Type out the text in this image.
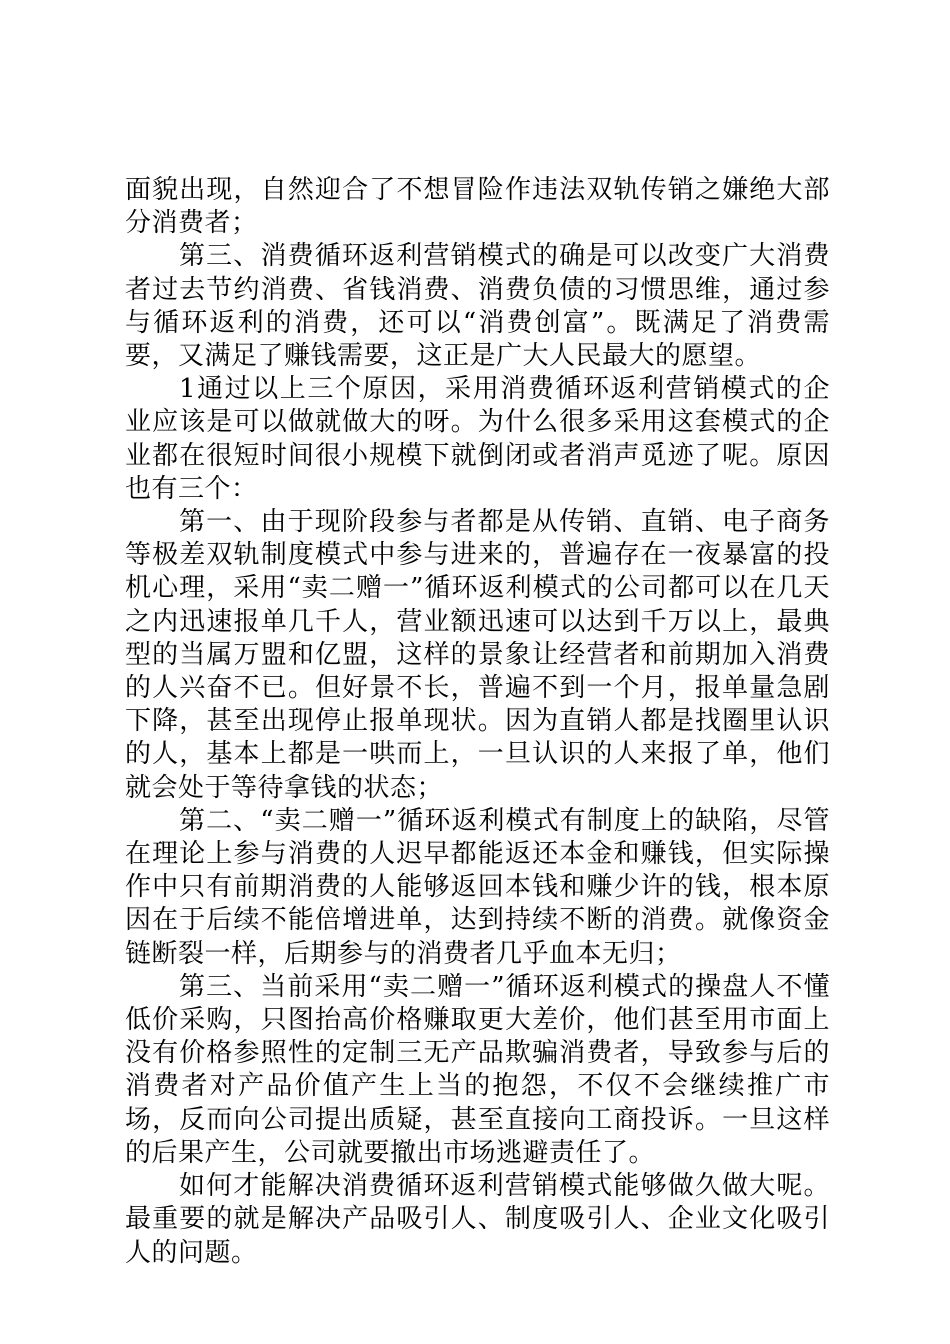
面貌出现，自然迎合了不想冒险作违法双轨传销之嫌绝大部分消费者；

第三、消费循环返利营销模式的确是可以改变广大消费者过去节约消费、省钱消费、消费负债的习惯思维，通过参与循环返利的消费，还可以“消费创富”。既满足了消费需要，又满足了赚钱需要，这正是广大人民最大的愿望。

1通过以上三个原因，采用消费循环返利营销模式的企业应该是可以做就做大的呀。为什么很多采用这套模式的企业都在很短时间很小规模下就倒闭或者消声觅迹了呢。原因也有三个：

第一、由于现阶段参与者都是从传销、直销、电子商务等极差双轨制度模式中参与进来的，普遍存在一夜暴富的投机心理，采用“卖二赠一”循环返利模式的公司都可以在几天之内迅速报单几千人，营业额迅速可以达到千万以上，最典型的当属万盟和亿盟，这样的景象让经营者和前期加入消费的人兴奋不已。但好景不长，普遍不到一个月，报单量急剧下降，甚至出现停止报单现状。因为直销人都是找圈里认识的人，基本上都是一哄而上，一旦认识的人来报了单，他们就会处于等待拿钱的状态；

第二、“卖二赠一”循环返利模式有制度上的缺陷，尽管在理论上参与消费的人迟早都能返还本金和赚钱，但实际操作中只有前期消费的人能够返回本钱和赚少许的钱，根本原因在于后续不能倍增进单，达到持续不断的消费。就像资金链断裂一样，后期参与的消费者几乎血本无归；

第三、当前采用“卖二赠一”循环返利模式的操盘人不懂低价采购，只图抬高价格赚取更大差价，他们甚至用市面上没有价格参照性的定制三无产品欺骗消费者，导致参与后的消费者对产品价值产生上当的抱怨，不仅不会继续推广市场，反而向公司提出质疑，甚至直接向工商投诉。一旦这样的后果产生，公司就要撤出市场逃避责任了。

如何才能解决消费循环返利营销模式能够做久做大呢。最重要的就是解决产品吸引人、制度吸引人、企业文化吸引人的问题。
